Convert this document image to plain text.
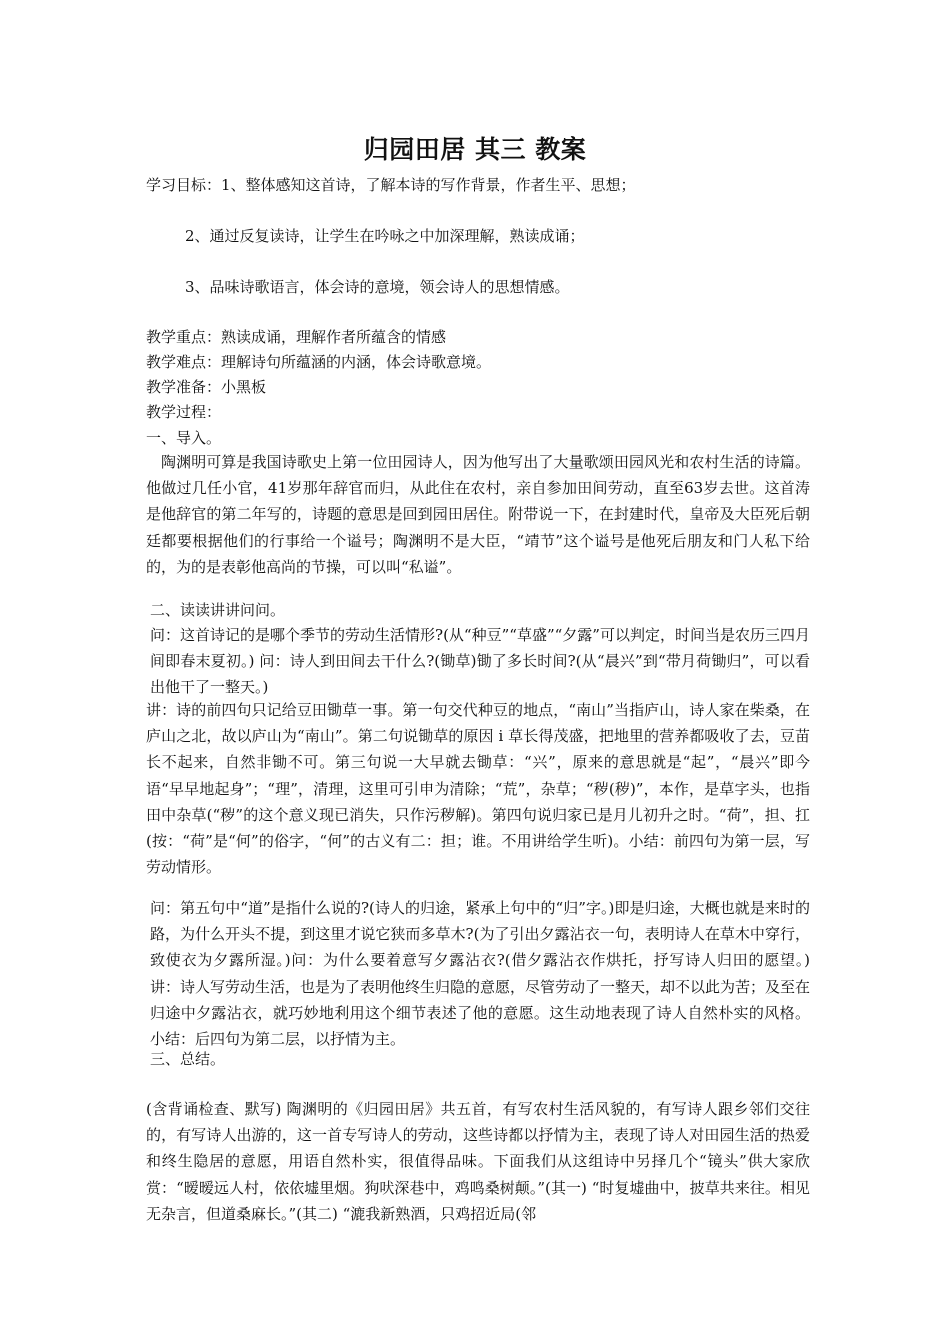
归园田居 其三 教案
学习目标：1、整体感知这首诗，了解本诗的写作背景，作者生平、思想；
2、通过反复读诗，让学生在吟咏之中加深理解，熟读成诵；
3、品味诗歌语言，体会诗的意境，领会诗人的思想情感。
教学重点：熟读成诵，理解作者所蕴含的情感
教学难点：理解诗句所蕴涵的内涵，体会诗歌意境。
教学准备：小黑板
教学过程：
一、导入。
陶渊明可算是我国诗歌史上第一位田园诗人，因为他写出了大量歌颂田园风光和农村生活的诗篇。他做过几任小官，41岁那年辞官而归，从此住在农村，亲自参加田间劳动，直至63岁去世。这首涛是他辞官的第二年写的，诗题的意思是回到园田居住。附带说一下，在封建时代，皇帝及大臣死后朝廷都要根据他们的行事给一个谥号；陶渊明不是大臣，“靖节”这个谥号是他死后朋友和门人私下给的，为的是表彰他高尚的节操，可以叫“私谥”。
二、读读讲讲问问。
问：这首诗记的是哪个季节的劳动生活情形?(从“种豆”“草盛”“夕露”可以判定，时间当是农历三四月间即春末夏初。) 问：诗人到田间去干什么?(锄草)锄了多长时间?(从“晨兴”到“带月荷锄归”，可以看出他干了一整天。)
讲：诗的前四句只记给豆田锄草一事。第一句交代种豆的地点，“南山”当指庐山，诗人家在柴桑，在庐山之北，故以庐山为“南山”。第二句说锄草的原因 i 草长得茂盛，把地里的营养都吸收了去，豆苗长不起来，自然非锄不可。第三句说一大早就去锄草：“兴”，原来的意思就是“起”，“晨兴”即今语“早早地起身”；“理”，清理，这里可引申为清除；“荒”，杂草；“秽(秽)”，本作，是草字头，也指田中杂草(“秽”的这个意义现已消失，只作污秽解)。第四句说归家已是月儿初升之时。“荷”，担、扛(按：“荷”是“何”的俗字，“何”的古义有二：担；谁。不用讲给学生听)。小结：前四句为第一层，写劳动情形。
问：第五句中“道”是指什么说的?(诗人的归途，紧承上句中的“归”字。)即是归途，大概也就是来时的路，为什么开头不提，到这里才说它狭而多草木?(为了引出夕露沾衣一句，表明诗人在草木中穿行，致使衣为夕露所湿。)问：为什么要着意写夕露沾衣?(借夕露沾衣作烘托，抒写诗人归田的愿望。) 讲：诗人写劳动生活，也是为了表明他终生归隐的意愿，尽管劳动了一整天，却不以此为苦；及至在归途中夕露沾衣，就巧妙地利用这个细节表述了他的意愿。这生动地表现了诗人自然朴实的风格。 小结：后四句为第二层，以抒情为主。
三、总结。
(含背诵检查、默写) 陶渊明的《归园田居》共五首，有写农村生活风貌的，有写诗人跟乡邻们交往的，有写诗人出游的，这一首专写诗人的劳动，这些诗都以抒情为主，表现了诗人对田园生活的热爱和终生隐居的意愿，用语自然朴实，很值得品味。下面我们从这组诗中另择几个“镜头”供大家欣赏：“暧暧远人村，依依墟里烟。狗吠深巷中，鸡鸣桑树颠。”(其一) “时复墟曲中，披草共来往。相见无杂言，但道桑麻长。”(其二) “漉我新熟酒，只鸡招近局(邻
